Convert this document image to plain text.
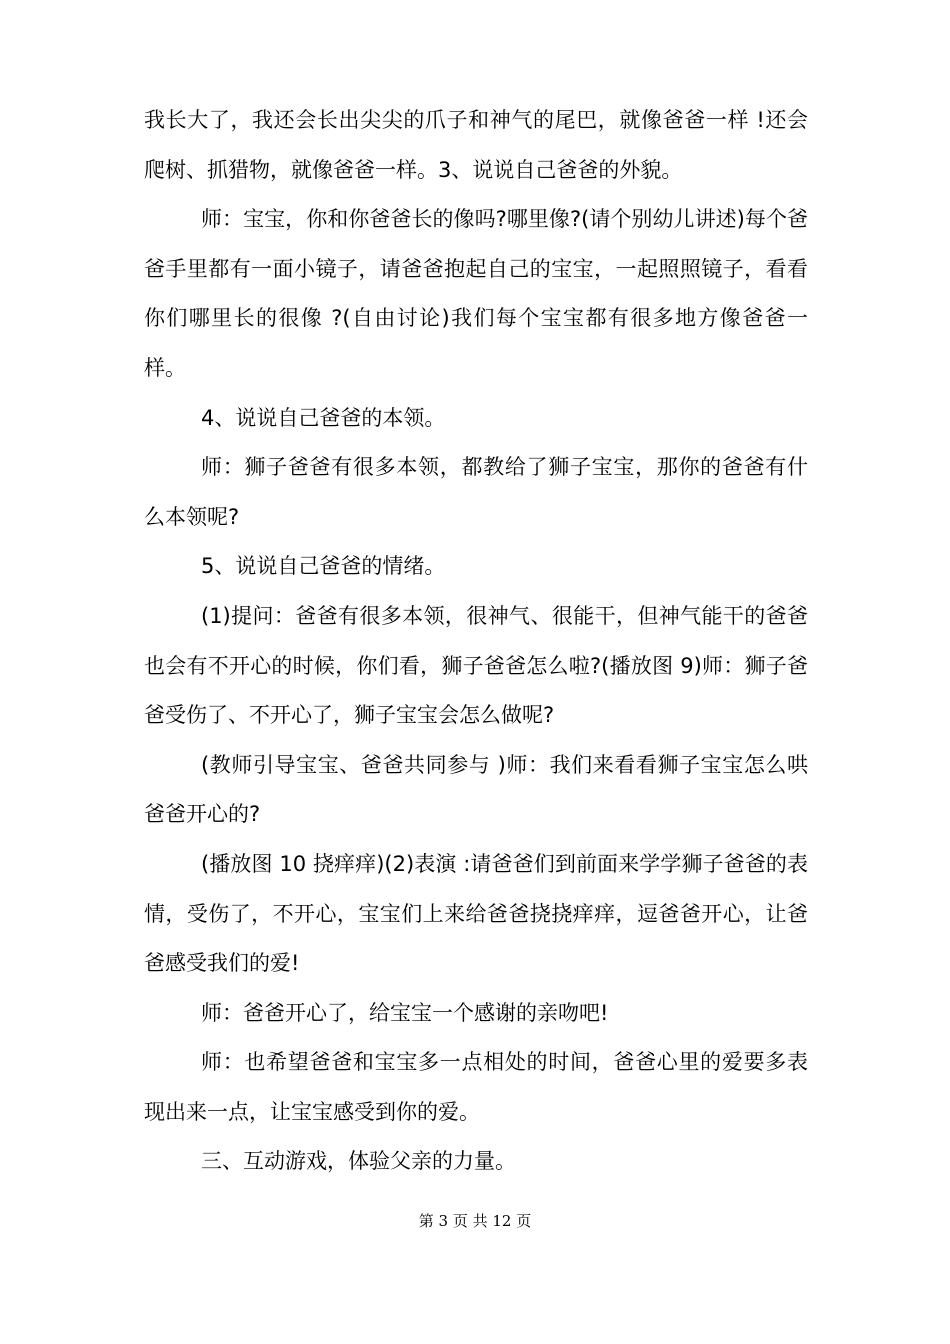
我长大了，我还会长出尖尖的爪子和神气的尾巴，就像爸爸一样 !还会爬树、抓猎物，就像爸爸一样。3、说说自己爸爸的外貌。

师：宝宝，你和你爸爸长的像吗?哪里像?(请个别幼儿讲述)每个爸爸手里都有一面小镜子，请爸爸抱起自己的宝宝，一起照照镜子，看看你们哪里长的很像 ?(自由讨论)我们每个宝宝都有很多地方像爸爸一样。

4、说说自己爸爸的本领。

师：狮子爸爸有很多本领，都教给了狮子宝宝，那你的爸爸有什么本领呢?

5、说说自己爸爸的情绪。

(1)提问：爸爸有很多本领，很神气、很能干，但神气能干的爸爸也会有不开心的时候，你们看，狮子爸爸怎么啦?(播放图 9)师：狮子爸爸受伤了、不开心了，狮子宝宝会怎么做呢?

(教师引导宝宝、爸爸共同参与 )师：我们来看看狮子宝宝怎么哄爸爸开心的?

(播放图 10 挠痒痒)(2)表演 :请爸爸们到前面来学学狮子爸爸的表情，受伤了，不开心，宝宝们上来给爸爸挠挠痒痒，逗爸爸开心，让爸爸感受我们的爱!

师：爸爸开心了，给宝宝一个感谢的亲吻吧!

师：也希望爸爸和宝宝多一点相处的时间，爸爸心里的爱要多表现出来一点，让宝宝感受到你的爱。

三、互动游戏，体验父亲的力量。

第 3 页 共 12 页
